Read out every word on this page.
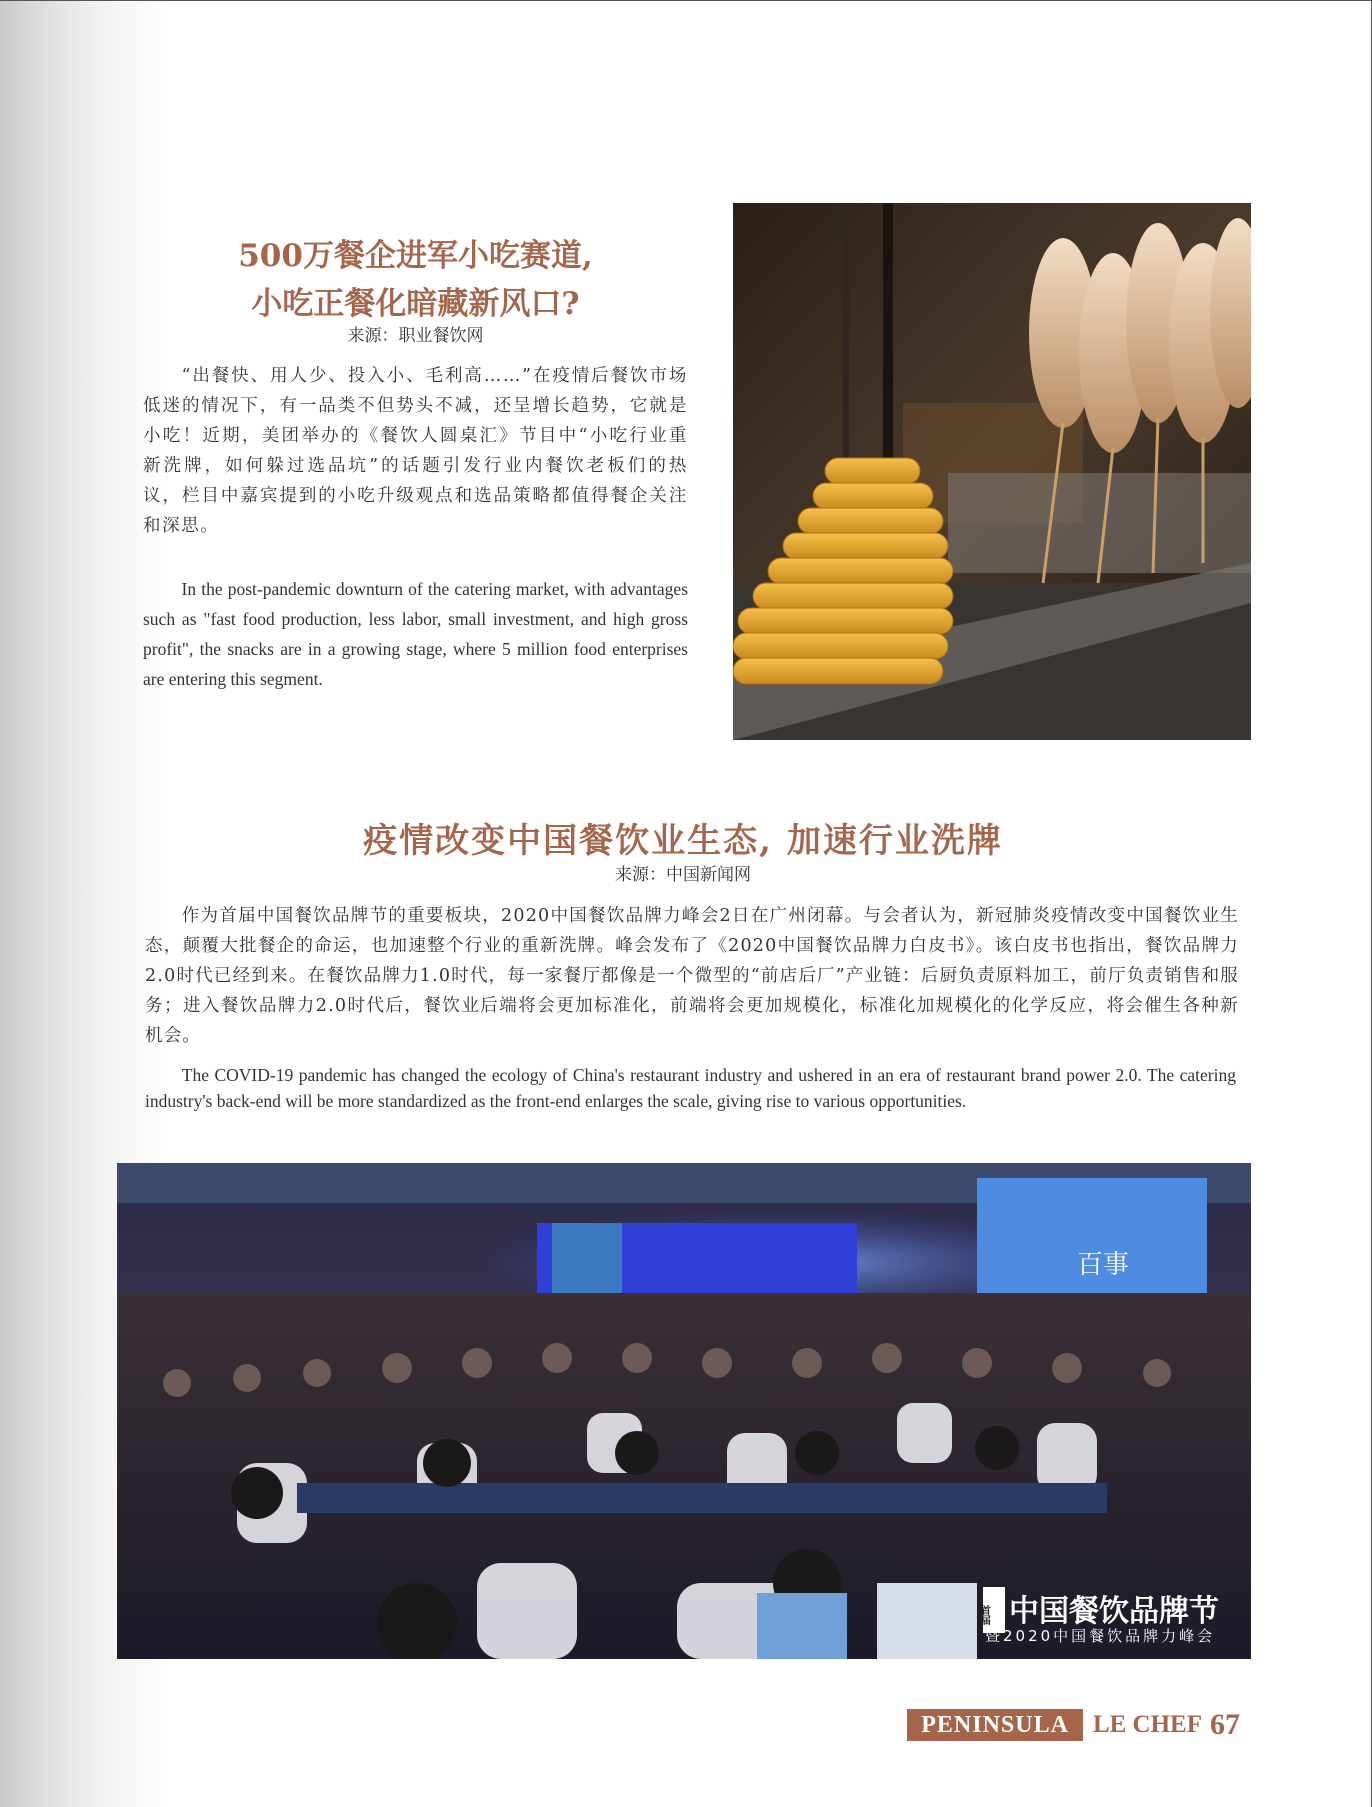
500万餐企进军小吃赛道,
小吃正餐化暗藏新风口?
来源：职业餐饮网
“出餐快、用人少、投入小、毛利高……”在疫情后餐饮市场低迷的情况下，有一品类不但势头不减，还呈增长趋势，它就是小吃！近期，美团举办的《餐饮人圆桌汇》节目中“小吃行业重新洗牌，如何躲过选品坑”的话题引发行业内餐饮老板们的热议，栏目中嘉宾提到的小吃升级观点和选品策略都值得餐企关注和深思。
In the post-pandemic downturn of the catering market, with advantages such as "fast food production, less labor, small investment, and high gross profit", the snacks are in a growing stage, where 5 million food enterprises are entering this segment.
疫情改变中国餐饮业生态, 加速行业洗牌
来源：中国新闻网
作为首届中国餐饮品牌节的重要板块，2020中国餐饮品牌力峰会2日在广州闭幕。与会者认为，新冠肺炎疫情改变中国餐饮业生态，颠覆大批餐企的命运，也加速整个行业的重新洗牌。峰会发布了《2020中国餐饮品牌力白皮书》。该白皮书也指出，餐饮品牌力2.0时代已经到来。在餐饮品牌力1.0时代，每一家餐厅都像是一个微型的“前店后厂”产业链：后厨负责原料加工，前厅负责销售和服务；进入餐饮品牌力2.0时代后，餐饮业后端将会更加标准化，前端将会更加规模化，标准化加规模化的化学反应，将会催生各种新机会。
The COVID-19 pandemic has changed the ecology of China's restaurant industry and ushered in an era of restaurant brand power 2.0. The catering industry's back-end will be more standardized as the front-end enlarges the scale, giving rise to various opportunities.
百事
首届 中国餐饮品牌节
暨2020中国餐饮品牌力峰会
PENINSULA LE CHEF 67
